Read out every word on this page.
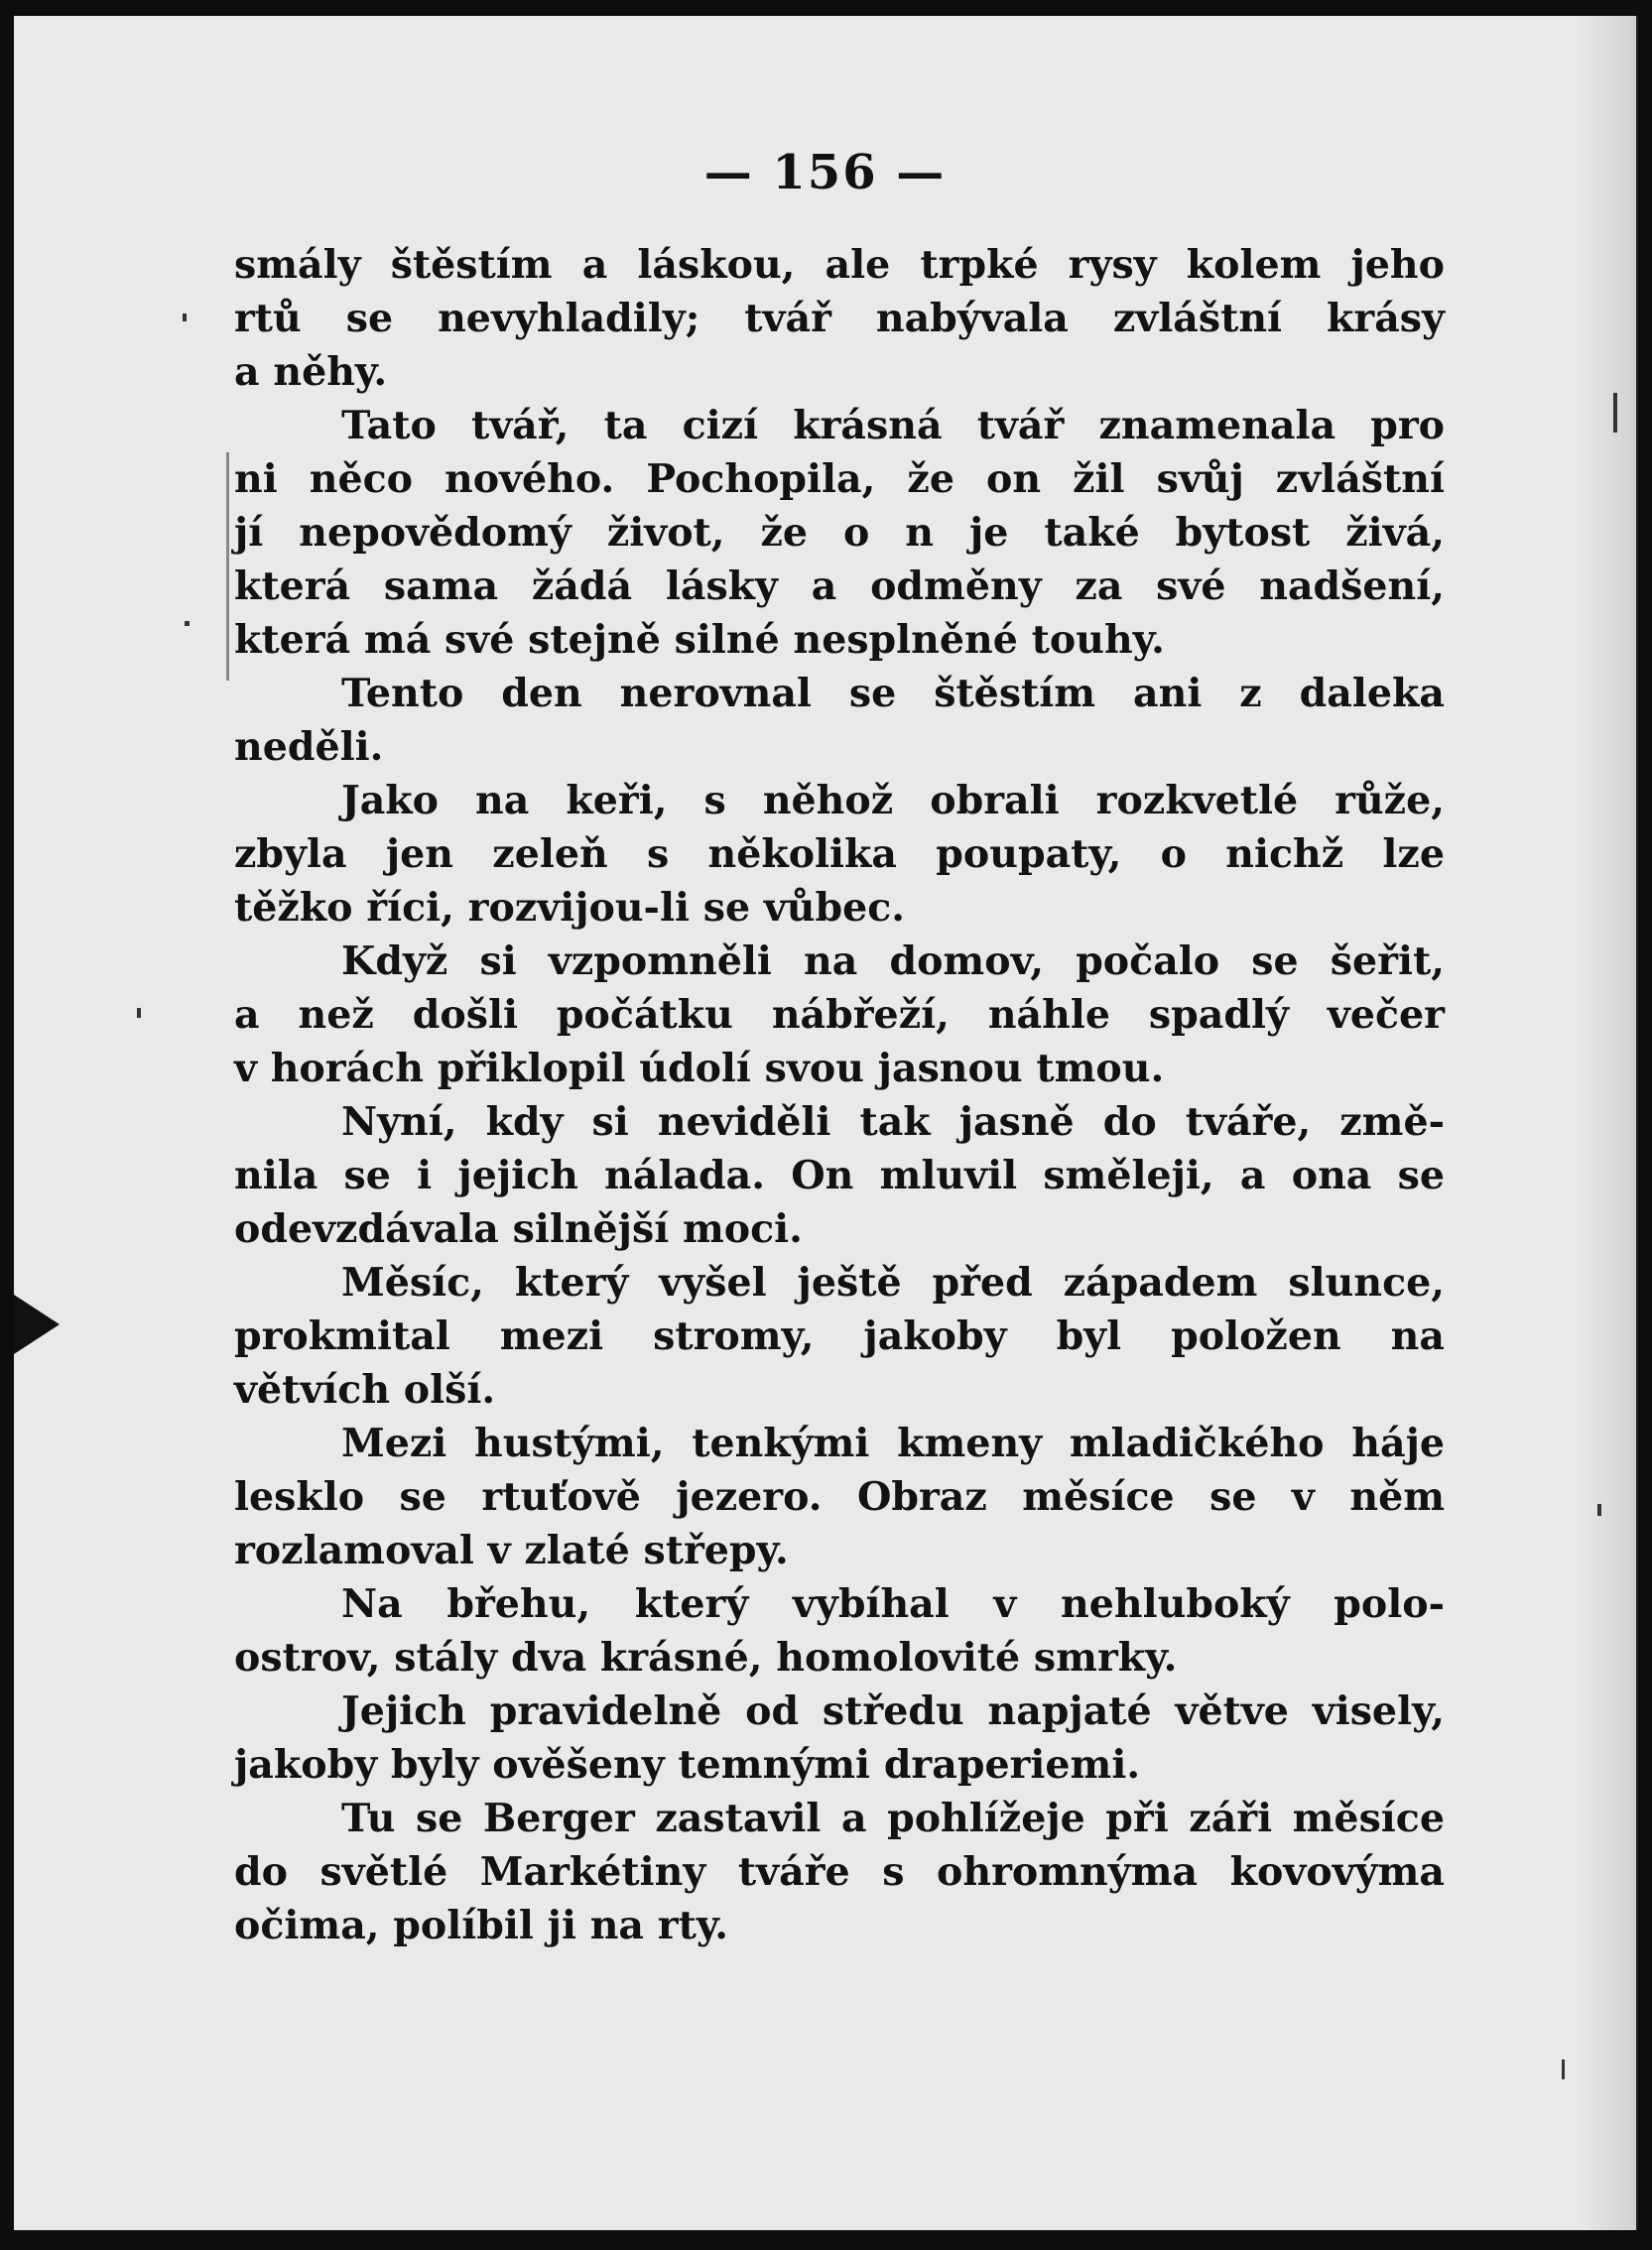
— 156 —
smály štěstím a láskou, ale trpké rysy kolem jeho
rtů se nevyhladily; tvář nabývala zvláštní krásy
a něhy.
Tato tvář, ta cizí krásná tvář znamenala pro
ni něco nového. Pochopila, že on žil svůj zvláštní
jí nepovědomý život, že o n je také bytost živá,
která sama žádá lásky a odměny za své nadšení,
která má své stejně silné nesplněné touhy.
Tento den nerovnal se štěstím ani z daleka
neděli.
Jako na keři, s něhož obrali rozkvetlé růže,
zbyla jen zeleň s několika poupaty, o nichž lze
těžko říci, rozvijou-li se vůbec.
Když si vzpomněli na domov, počalo se šeřit,
a než došli počátku nábřeží, náhle spadlý večer
v horách přiklopil údolí svou jasnou tmou.
Nyní, kdy si neviděli tak jasně do tváře, změ-
nila se i jejich nálada. On mluvil směleji, a ona se
odevzdávala silnější moci.
Měsíc, který vyšel ještě před západem slunce,
prokmital mezi stromy, jakoby byl položen na
větvích olší.
Mezi hustými, tenkými kmeny mladičkého háje
lesklo se rtuťově jezero. Obraz měsíce se v něm
rozlamoval v zlaté střepy.
Na břehu, který vybíhal v nehluboký polo-
ostrov, stály dva krásné, homolovité smrky.
Jejich pravidelně od středu napjaté větve visely,
jakoby byly ověšeny temnými draperiemi.
Tu se Berger zastavil a pohlížeje při záři měsíce
do světlé Markétiny tváře s ohromnýma kovovýma
očima, políbil ji na rty.
